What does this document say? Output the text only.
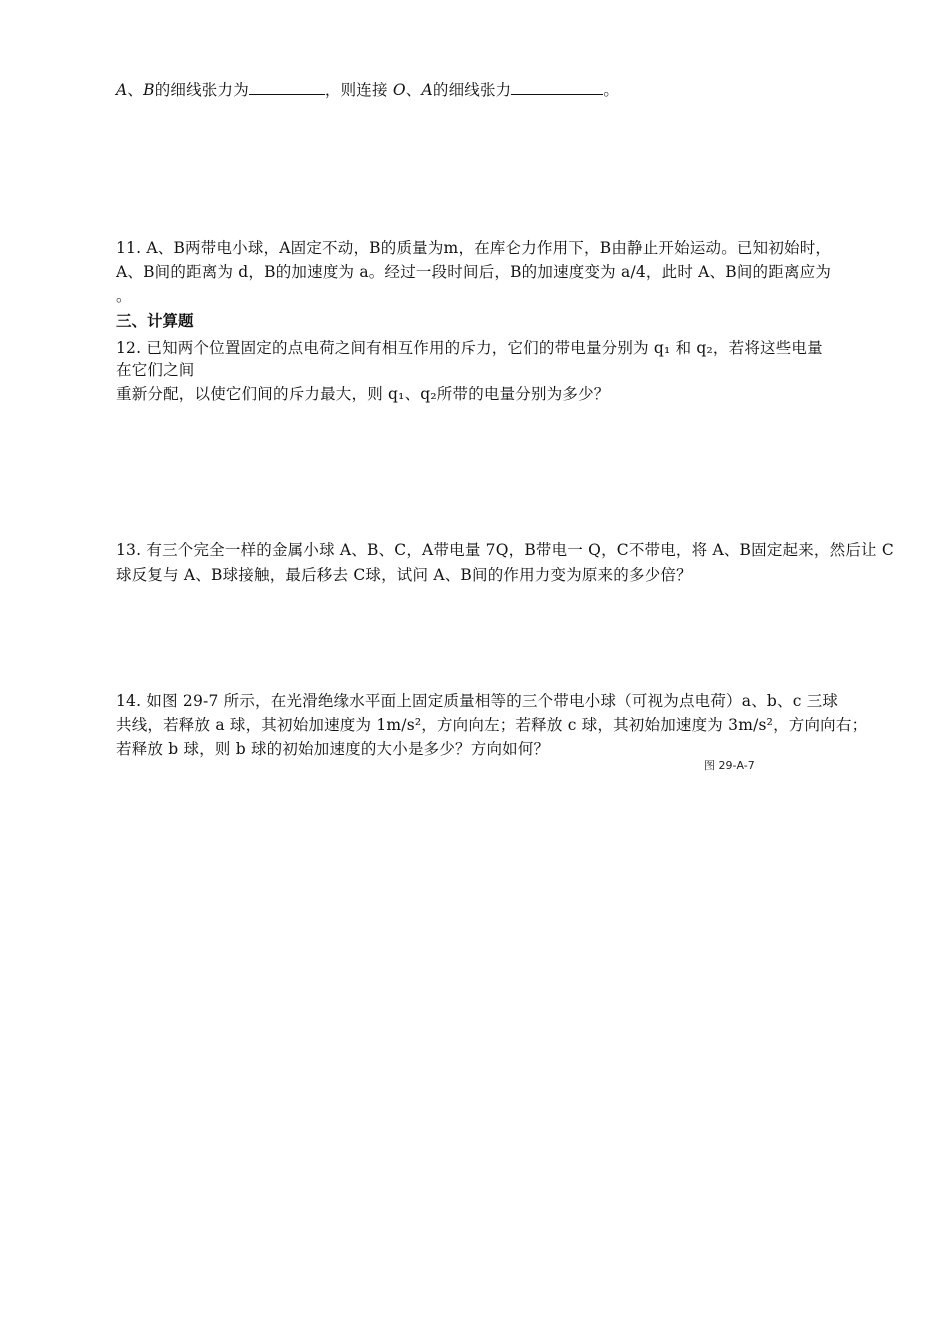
A、B的细线张力为	，则连接 O、A的细线张力	。
11. A、B两带电小球，A固定不动，B的质量为m，在库仑力作用下，B由静止开始运动。已知初始时，
A、B间的距离为 d，B的加速度为 a。经过一段时间后，B的加速度变为 a/4，此时 A、B间的距离应为
。
三、计算题
12. 已知两个位置固定的点电荷之间有相互作用的斥力，它们的带电量分别为 q₁ 和 q₂，若将这些电量
在它们之间
重新分配，以使它们间的斥力最大，则 q₁、q₂所带的电量分别为多少？
13. 有三个完全一样的金属小球 A、B、C，A带电量 7Q，B带电一 Q，C不带电，将 A、B固定起来，然后让 C
球反复与 A、B球接触，最后移去 C球，试问 A、B间的作用力变为原来的多少倍？
14. 如图 29-7 所示，在光滑绝缘水平面上固定质量相等的三个带电小球（可视为点电荷）a、b、c 三球
共线，若释放 a 球，其初始加速度为 1m/s²，方向向左；若释放 c 球，其初始加速度为 3m/s²，方向向右；
若释放 b 球，则 b 球的初始加速度的大小是多少？方向如何？
图 29-A-7
